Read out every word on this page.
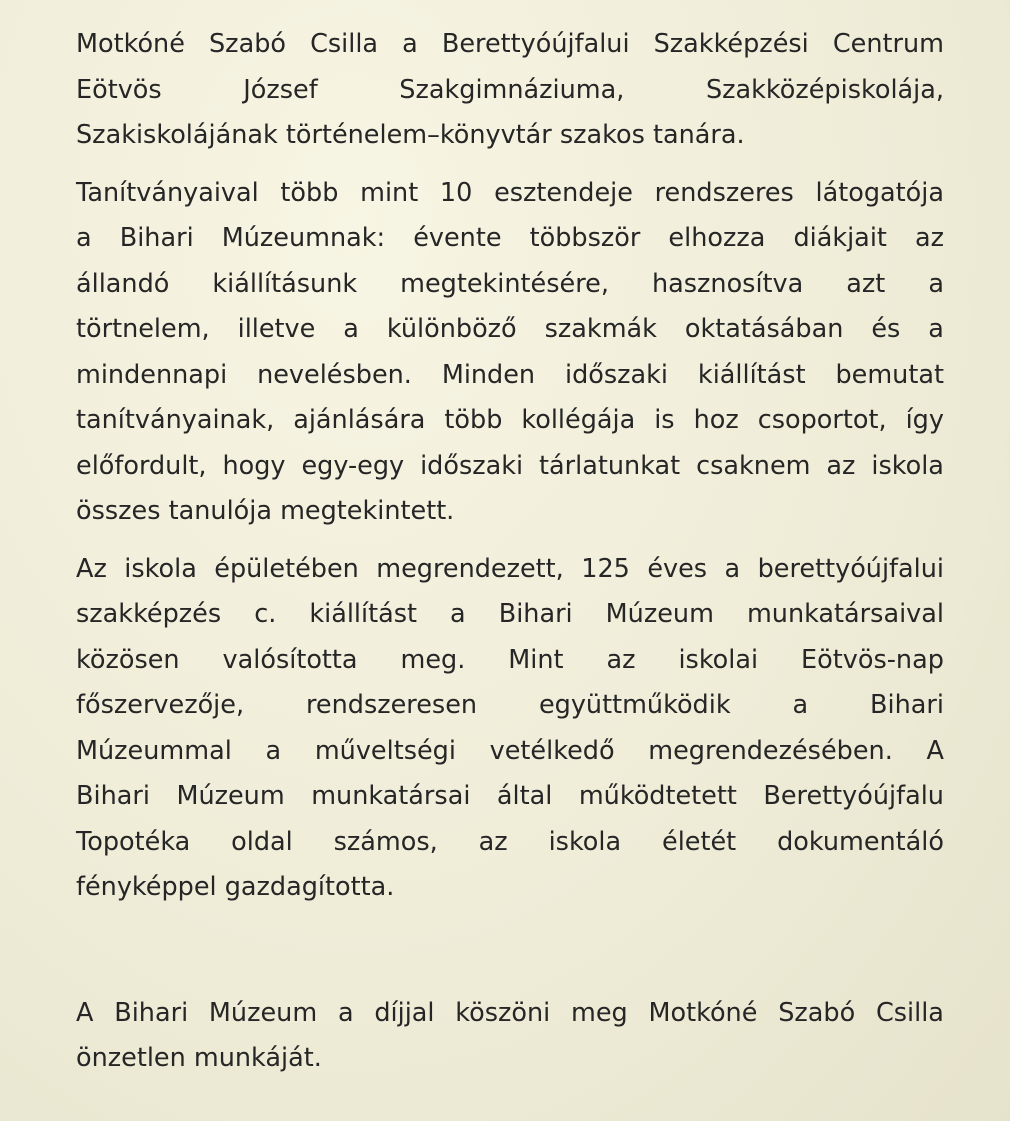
Motkóné Szabó Csilla a Berettyóújfalui Szakképzési Centrum
Eötvös	József	Szakgimnáziuma,	Szakközépiskolája,
Szakiskolájának történelem–könyvtár szakos tanára.
Tanítványaival több mint 10 esztendeje rendszeres látogatója
a Bihari Múzeumnak: évente többször elhozza diákjait az
állandó kiállításunk megtekintésére, hasznosítva azt a
törtnelem, illetve a különböző szakmák oktatásában és a
mindennapi nevelésben. Minden időszaki kiállítást bemutat
tanítványainak, ajánlására több kollégája is hoz csoportot, így
előfordult, hogy egy-egy időszaki tárlatunkat csaknem az iskola
összes tanulója megtekintett.
Az iskola épületében megrendezett, 125 éves a berettyóújfalui
szakképzés c. kiállítást a Bihari Múzeum munkatársaival
közösen valósította meg. Mint az iskolai Eötvös-nap
főszervezője, rendszeresen együttműködik a Bihari
Múzeummal a műveltségi vetélkedő megrendezésében. A
Bihari Múzeum munkatársai által működtetett Berettyóújfalu
Topotéka oldal számos, az iskola életét dokumentáló
fényképpel gazdagította.
A Bihari Múzeum a díjjal köszöni meg Motkóné Szabó Csilla
önzetlen munkáját.
